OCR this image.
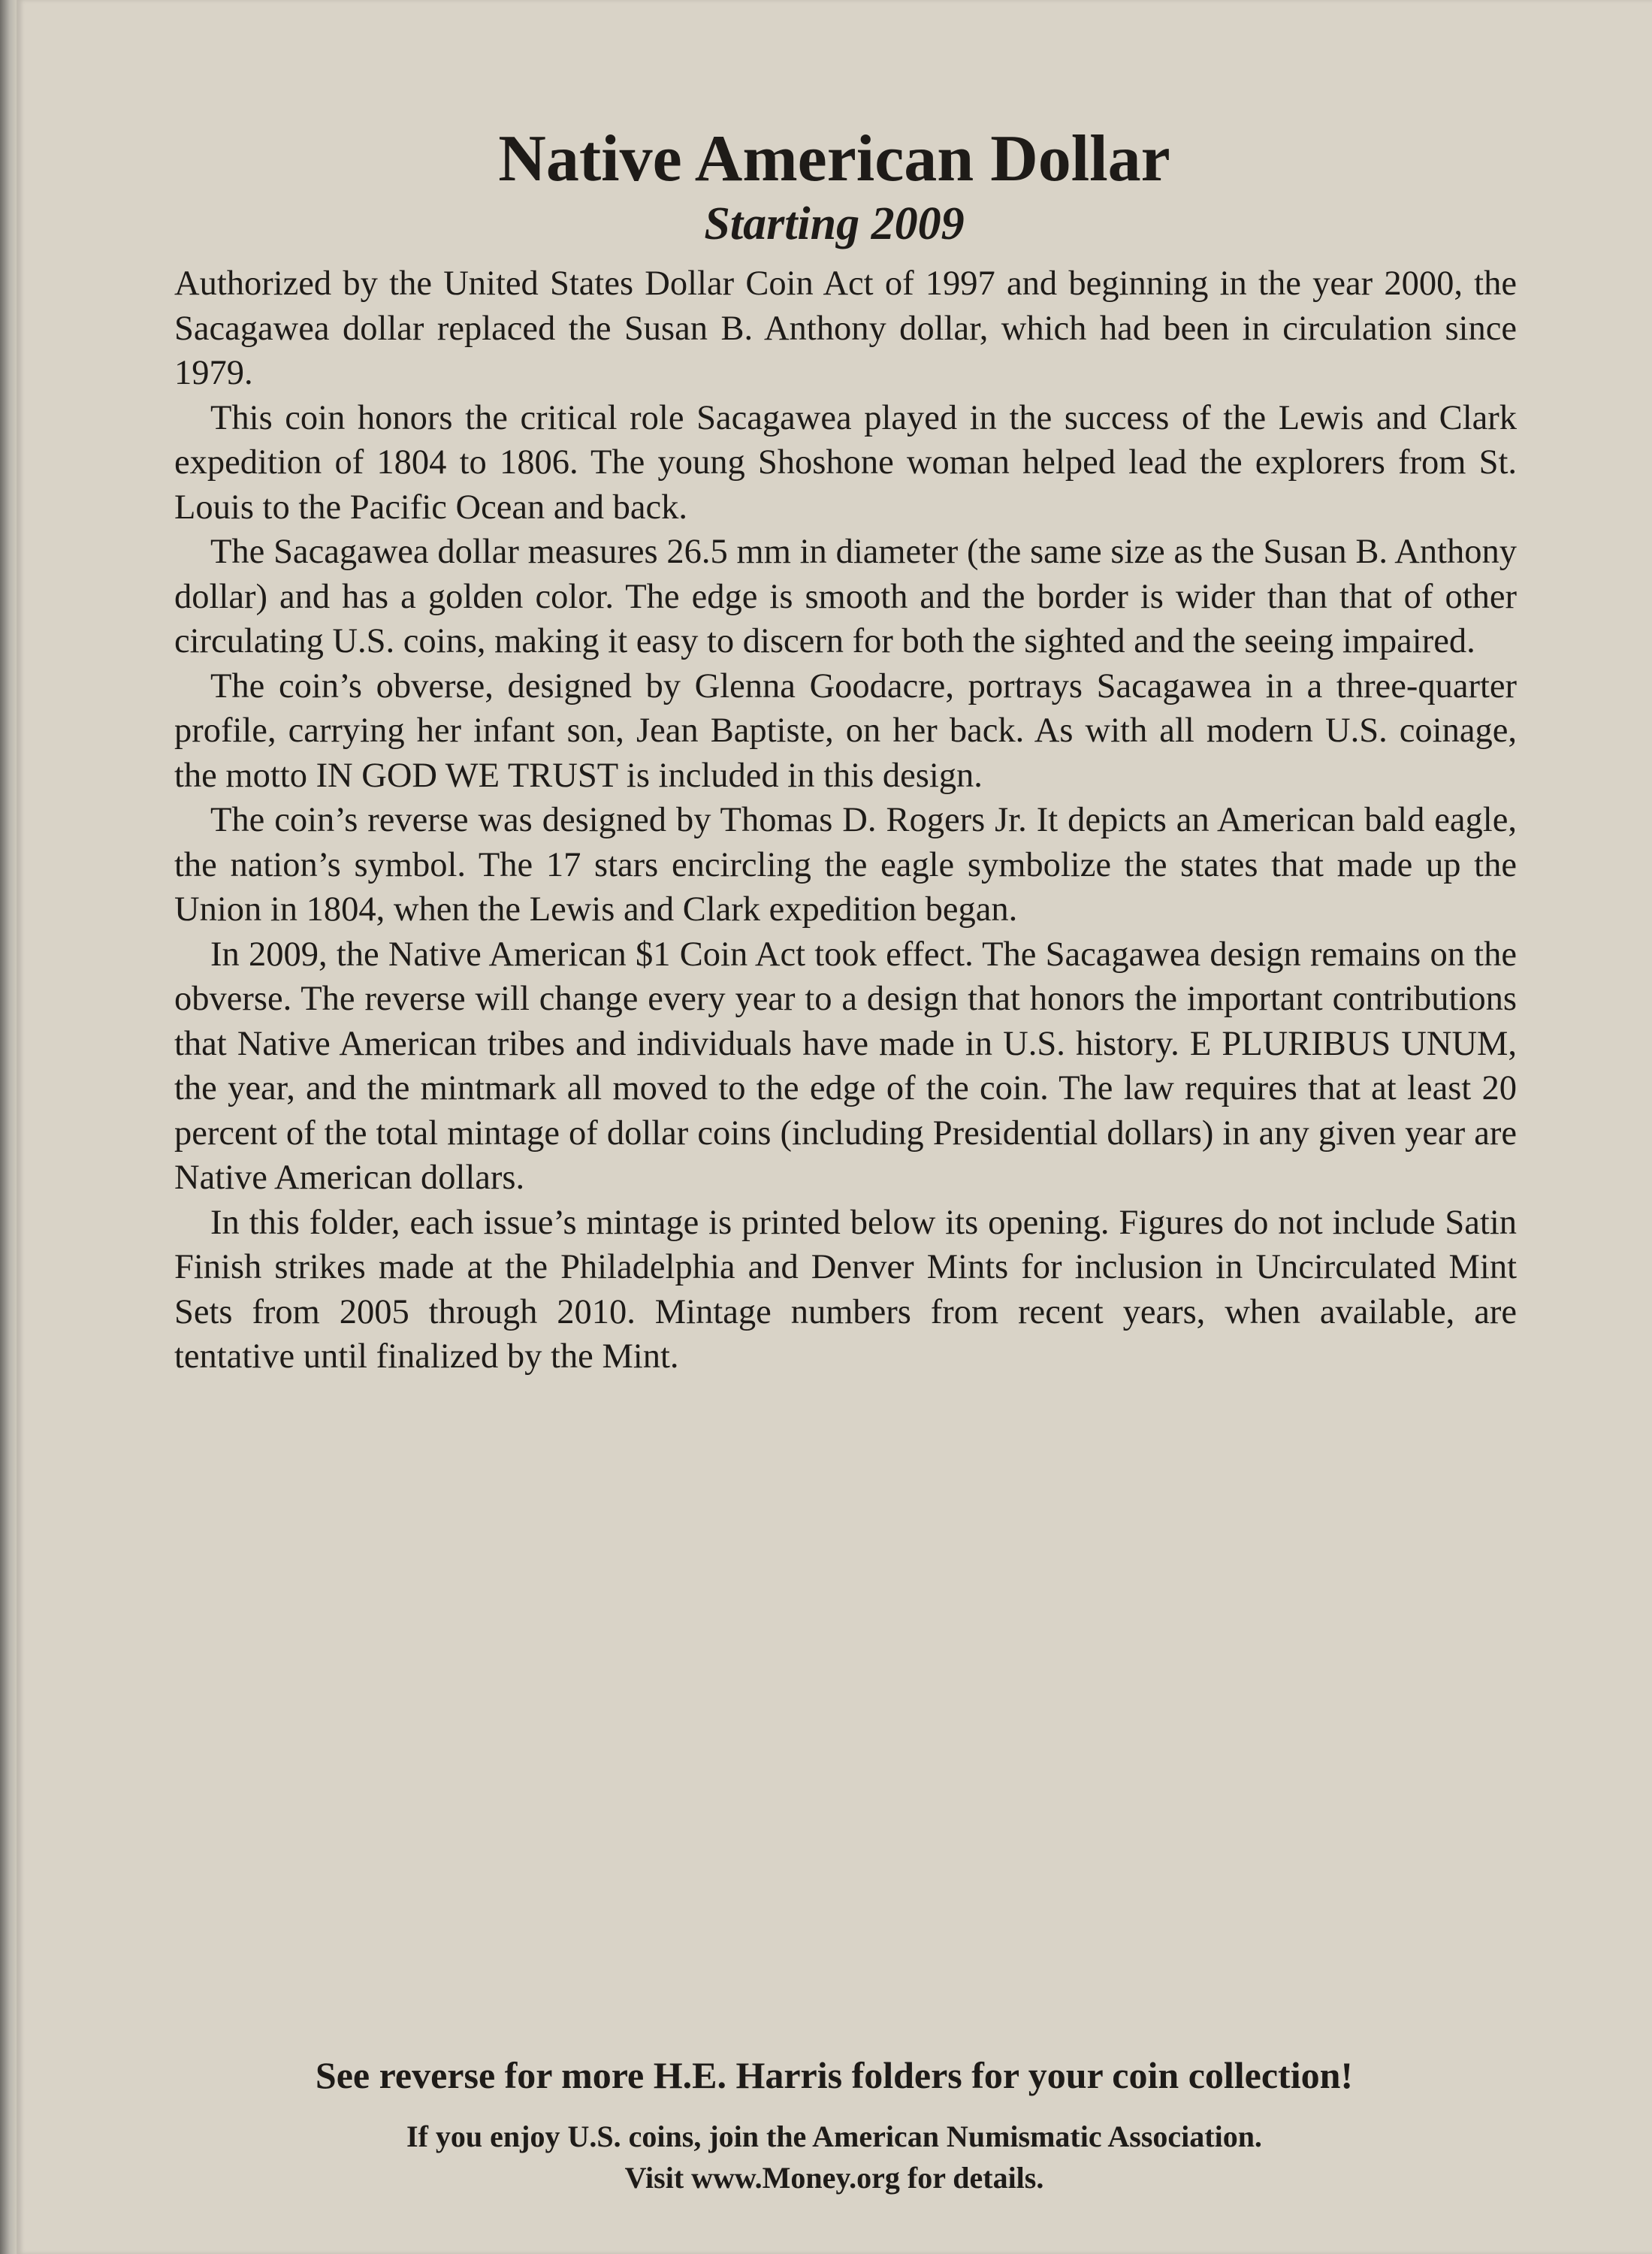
Native American Dollar
Starting 2009

Authorized by the United States Dollar Coin Act of 1997 and beginning in the year 2000, the Sacagawea dollar replaced the Susan B. Anthony dollar, which had been in circulation since 1979.

This coin honors the critical role Sacagawea played in the success of the Lewis and Clark expedition of 1804 to 1806. The young Shoshone woman helped lead the explorers from St. Louis to the Pacific Ocean and back.

The Sacagawea dollar measures 26.5 mm in diameter (the same size as the Susan B. Anthony dollar) and has a golden color. The edge is smooth and the border is wider than that of other circulating U.S. coins, making it easy to discern for both the sighted and the seeing impaired.

The coin’s obverse, designed by Glenna Goodacre, portrays Sacagawea in a three-quarter profile, carrying her infant son, Jean Baptiste, on her back. As with all modern U.S. coinage, the motto IN GOD WE TRUST is included in this design.

The coin’s reverse was designed by Thomas D. Rogers Jr. It depicts an American bald eagle, the nation’s symbol. The 17 stars encircling the eagle symbolize the states that made up the Union in 1804, when the Lewis and Clark expedition began.

In 2009, the Native American $1 Coin Act took effect. The Sacagawea design remains on the obverse. The reverse will change every year to a design that honors the important contributions that Native American tribes and individuals have made in U.S. history. E PLURIBUS UNUM, the year, and the mintmark all moved to the edge of the coin. The law requires that at least 20 percent of the total mintage of dollar coins (including Presidential dollars) in any given year are Native American dollars.

In this folder, each issue’s mintage is printed below its opening. Figures do not include Satin Finish strikes made at the Philadelphia and Denver Mints for inclusion in Uncirculated Mint Sets from 2005 through 2010. Mintage numbers from recent years, when available, are tentative until finalized by the Mint.

See reverse for more H.E. Harris folders for your coin collection!

If you enjoy U.S. coins, join the American Numismatic Association.

Visit www.Money.org for details.
